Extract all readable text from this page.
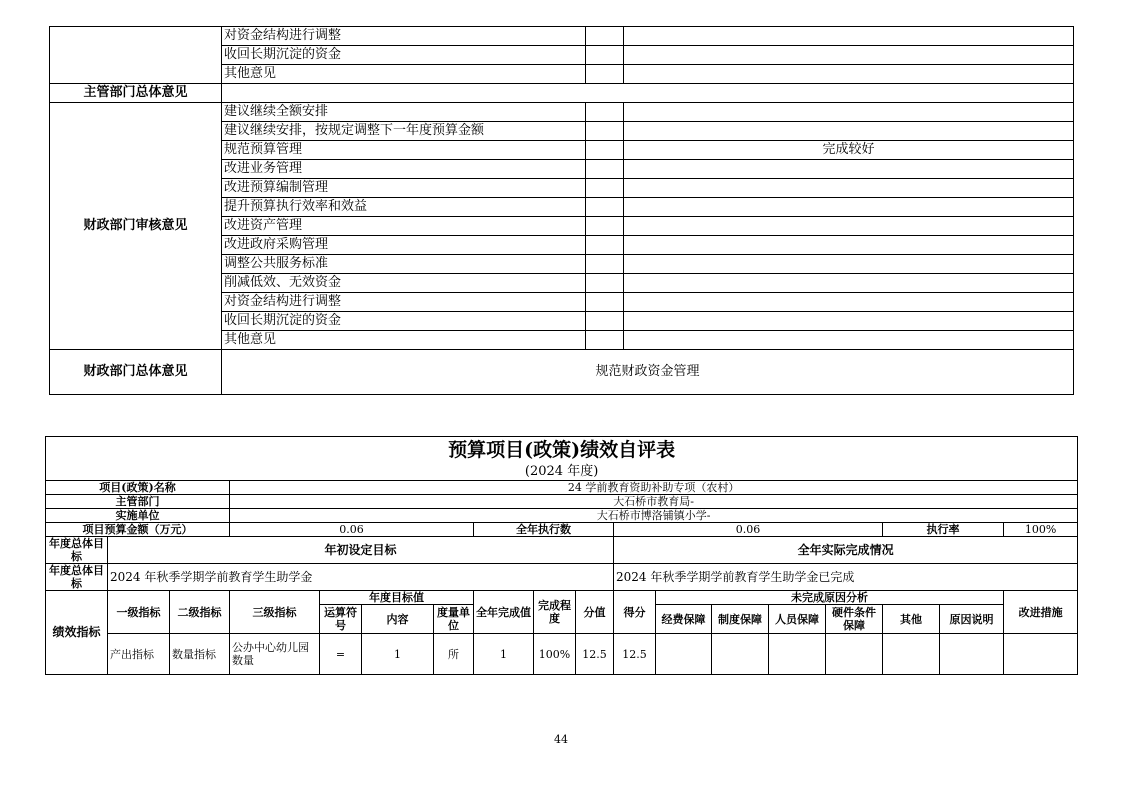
	对资金结构进行调整		
	收回长期沉淀的资金		
	其他意见		
主管部门总体意见			
财政部门审核意见	建议继续全额安排		
	建议继续安排，按规定调整下一年度预算金额		
	规范预算管理		完成较好
	改进业务管理		
	改进预算编制管理		
	提升预算执行效率和效益		
	改进资产管理		
	改进政府采购管理		
	调整公共服务标准		
	削减低效、无效资金		
	对资金结构进行调整		
	收回长期沉淀的资金		
	其他意见		
财政部门总体意见	规范财政资金管理		
预算项目(政策)绩效自评表																	
(2024 年度)																	
项目(政策)名称			24 学前教育资助补助专项（农村）														
主管部门			大石桥市教育局-														
实施单位			大石桥市博洛铺镇小学-														
项目预算金额（万元）			0.06				全年执行数			0.06					执行率		100%
年度总体目标	年初设定目标									全年实际完成情况							
年度总体目标	2024 年秋季学期学前教育学生助学金									2024 年秋季学期学前教育学生助学金已完成							
绩效指标	一级指标	二级指标	三级指标	年度目标值			全年完成值	完成程度	分值	得分	未完成原因分析						改进措施
				运算符号	内容	度量单位					经费保障	制度保障	人员保障	硬件条件保障	其他	原因说明	
	产出指标	数量指标	公办中心幼儿园数量	=	1	所	1	100%	12.5	12.5							
44
